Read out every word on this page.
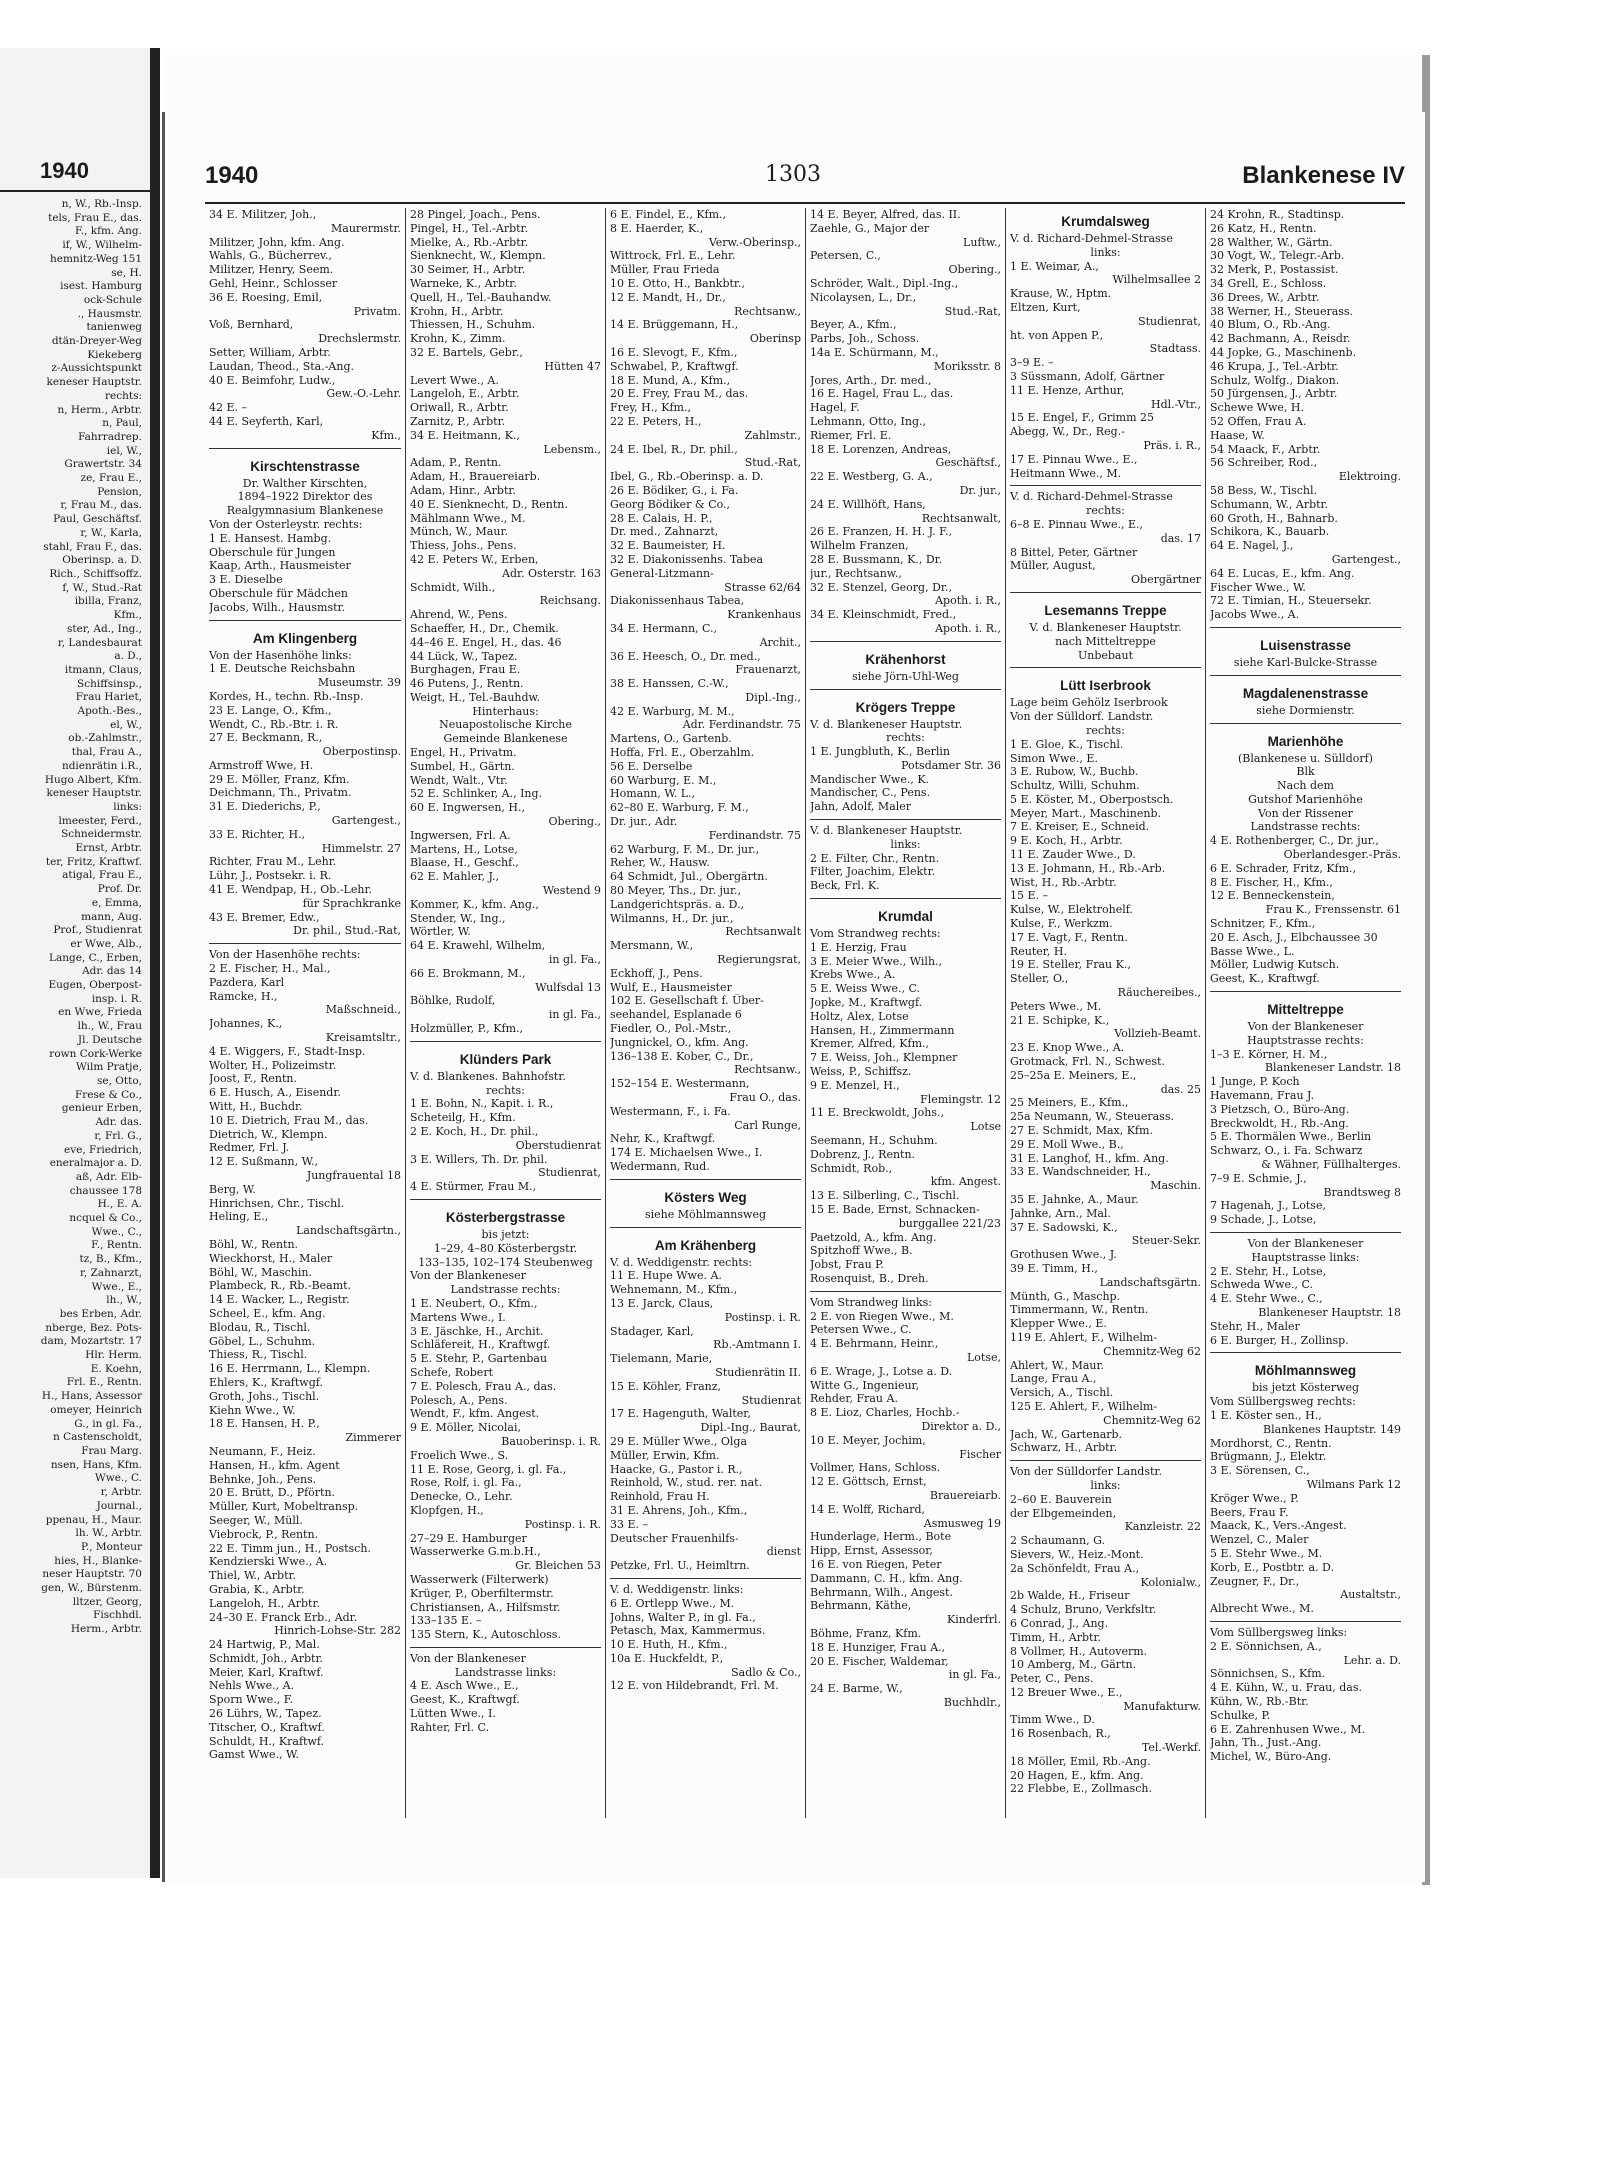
1940
n, W., Rb.-Insp.
tels, Frau E., das.
F., kfm. Ang.
if, W., Wilhelm-
hemnitz-Weg 151
se, H.
isest. Hamburg
ock-Schule
., Hausmstr.
tanienweg
dtän-Dreyer-Weg
Kiekeberg
z-Aussichtspunkt
keneser Hauptstr.
rechts:
n, Herm., Arbtr.
n, Paul,
Fahrradrep.
iel, W.,
Grawertstr. 34
ze, Frau E.,
Pension,
r, Frau M., das.
Paul, Geschäftsf.
r, W., Karla,
stahl, Frau F., das.
Oberinsp. a. D.
Rich., Schiffsoffz.
f, W., Stud.-Rat
ibilla, Franz,
Kfm.,
ster, Ad., Ing.,
r, Landesbaurat
a. D.,
itmann, Claus,
Schiffsinsp.,
Frau Hariet,
Apoth.-Bes.,
el, W.,
ob.-Zahlmstr.,
thal, Frau A.,
ndienrätin i.R.,
Hugo Albert, Kfm.
keneser Hauptstr.
links:
lmeester, Ferd.,
Schneidermstr.
Ernst, Arbtr.
ter, Fritz, Kraftwf.
atigal, Frau E.,
Prof. Dr.
e, Emma,
mann, Aug.
Prof., Studienrat
er Wwe, Alb.,
Lange, C., Erben,
Adr. das 14
Eugen, Oberpost-
insp. i. R.
en Wwe, Frieda
lh., W., Frau
Jl. Deutsche
rown Cork-Werke
Wilm Pratje,
se, Otto,
Frese & Co.,
genieur Erben,
Adr. das.
r, Frl. G.,
eve, Friedrich,
eneralmajor a. D.
aß, Adr. Elb-
chaussee 178
H., E. A.
ncquel & Co.,
Wwe., C.,
F., Rentn.
tz, B., Kfm.,
r, Zahnarzt,
Wwe., E.,
lh., W.,
bes Erben, Adr.
nberge, Bez. Pots-
dam, Mozartstr. 17
Hlr. Herm.
E. Koehn,
Frl. E., Rentn.
H., Hans, Assessor
omeyer, Heinrich
G., in gl. Fa.,
n Castenscholdt,
Frau Marg.
nsen, Hans, Kfm.
Wwe., C.
r, Arbtr.
Journal.,
ppenau, H., Maur.
lh. W., Arbtr.
P., Monteur
hies, H., Blanke-
neser Hauptstr. 70
gen, W., Bürstenm.
lltzer, Georg,
Fischhdl.
Herm., Arbtr.
1940	1303	Blankenese IV
34 E. Militzer, Joh.,
Maurermstr.
Militzer, John, kfm. Ang.
Wahls, G., Bücherrev.,
Militzer, Henry, Seem.
Gehl, Heinr., Schlosser
36 E. Roesing, Emil,
Privatm.
Voß, Bernhard,
Drechslermstr.
Setter, William, Arbtr.
Laudan, Theod., Sta.-Ang.
40 E. Beimfohr, Ludw.,
Gew.-O.-Lehr.
42 E. –
44 E. Seyferth, Karl,
Kfm.,
Kirschtenstrasse
Dr. Walther Kirschten,
1894–1922 Direktor des
Realgymnasium Blankenese
Von der Osterleystr. rechts:
1 E. Hansest. Hambg.
Oberschule für Jungen
Kaap, Arth., Hausmeister
3 E. Dieselbe
Oberschule für Mädchen
Jacobs, Wilh., Hausmstr.
Am Klingenberg
Von der Hasenhöhe links:
1 E. Deutsche Reichsbahn
Museumstr. 39
Kordes, H., techn. Rb.-Insp.
23 E. Lange, O., Kfm.,
Wendt, C., Rb.-Btr. i. R.
27 E. Beckmann, R.,
Oberpostinsp.
Armstroff Wwe, H.
29 E. Möller, Franz, Kfm.
Deichmann, Th., Privatm.
31 E. Diederichs, P.,
Gartengest.,
33 E. Richter, H.,
Himmelstr. 27
Richter, Frau M., Lehr.
Lühr, J., Postsekr. i. R.
41 E. Wendpap, H., Ob.-Lehr.
für Sprachkranke
43 E. Bremer, Edw.,
Dr. phil., Stud.-Rat,
Von der Hasenhöhe rechts:
2 E. Fischer, H., Mal.,
Pazdera, Karl
Ramcke, H.,
Maßschneid.,
Johannes, K.,
Kreisamtsltr.,
4 E. Wiggers, F., Stadt-Insp.
Wolter, H., Polizeimstr.
Joost, F., Rentn.
6 E. Husch, A., Eisendr.
Witt, H., Buchdr.
10 E. Dietrich, Frau M., das.
Dietrich, W., Klempn.
Redmer, Frl. J.
12 E. Sußmann, W.,
Jungfrauental 18
Berg, W.
Hinrichsen, Chr., Tischl.
Heling, E.,
Landschaftsgärtn.,
Böhl, W., Rentn.
Wieckhorst, H., Maler
Böhl, W., Maschin.
Plambeck, R., Rb.-Beamt.
14 E. Wacker, L., Registr.
Scheel, E., kfm. Ang.
Blodau, R., Tischl.
Göbel, L., Schuhm.
Thiess, R., Tischl.
16 E. Herrmann, L., Klempn.
Ehlers, K., Kraftwgf.
Groth, Johs., Tischl.
Kiehn Wwe., W.
18 E. Hansen, H. P.,
Zimmerer
Neumann, F., Heiz.
Hansen, H., kfm. Agent
Behnke, Joh., Pens.
20 E. Brütt, D., Pförtn.
Müller, Kurt, Mobeltransp.
Seeger, W., Müll.
Viebrock, P., Rentn.
22 E. Timm jun., H., Postsch.
Kendzierski Wwe., A.
Thiel, W., Arbtr.
Grabia, K., Arbtr.
Langeloh, H., Arbtr.
24–30 E. Franck Erb., Adr.
Hinrich-Lohse-Str. 282
24 Hartwig, P., Mal.
Schmidt, Joh., Arbtr.
Meier, Karl, Kraftwf.
Nehls Wwe., A.
Sporn Wwe., F.
26 Lührs, W., Tapez.
Titscher, O., Kraftwf.
Schuldt, H., Kraftwf.
Gamst Wwe., W.
28 Pingel, Joach., Pens.
Pingel, H., Tel.-Arbtr.
Mielke, A., Rb.-Arbtr.
Sienknecht, W., Klempn.
30 Seimer, H., Arbtr.
Warneke, K., Arbtr.
Quell, H., Tel.-Bauhandw.
Krohn, H., Arbtr.
Thiessen, H., Schuhm.
Krohn, K., Zimm.
32 E. Bartels, Gebr.,
Hütten 47
Levert Wwe., A.
Langeloh, E., Arbtr.
Oriwall, R., Arbtr.
Zarnitz, P., Arbtr.
34 E. Heitmann, K.,
Lebensm.,
Adam, P., Rentn.
Adam, H., Brauereiarb.
Adam, Hinr., Arbtr.
40 E. Sienknecht, D., Rentn.
Mählmann Wwe., M.
Münch, W., Maur.
Thiess, Johs., Pens.
42 E. Peters W., Erben,
Adr. Osterstr. 163
Schmidt, Wilh.,
Reichsang.
Ahrend, W., Pens.
Schaeffer, H., Dr., Chemik.
44–46 E. Engel, H., das. 46
44 Lück, W., Tapez.
Burghagen, Frau E.
46 Putens, J., Rentn.
Weigt, H., Tel.-Bauhdw.
Hinterhaus:
Neuapostolische Kirche
Gemeinde Blankenese
Engel, H., Privatm.
Sumbel, H., Gärtn.
Wendt, Walt., Vtr.
52 E. Schlinker, A., Ing.
60 E. Ingwersen, H.,
Obering.,
Ingwersen, Frl. A.
Martens, H., Lotse,
Blaase, H., Geschf.,
62 E. Mahler, J.,
Westend 9
Kommer, K., kfm. Ang.,
Stender, W., Ing.,
Wörtler, W.
64 E. Krawehl, Wilhelm,
in gl. Fa.,
66 E. Brokmann, M.,
Wulfsdal 13
Böhlke, Rudolf,
in gl. Fa.,
Holzmüller, P., Kfm.,
Klünders Park
V. d. Blankenes. Bahnhofstr.
rechts:
1 E. Bohn, N., Kapit. i. R.,
Scheteilg, H., Kfm.
2 E. Koch, H., Dr. phil.,
Oberstudienrat
3 E. Willers, Th. Dr. phil.
Studienrat,
4 E. Stürmer, Frau M.,
Kösterbergstrasse
bis jetzt:
1–29, 4–80 Kösterbergstr.
133–135, 102–174 Steubenweg
Von der Blankeneser
Landstrasse rechts:
1 E. Neubert, O., Kfm.,
Martens Wwe., I.
3 E. Jäschke, H., Archit.
Schläfereit, H., Kraftwgf.
5 E. Stehr, P., Gartenbau
Schefe, Robert
7 E. Polesch, Frau A., das.
Polesch, A., Pens.
Wendt, F., kfm. Angest.
9 E. Möller, Nicolai,
Bauoberinsp. i. R.
Froelich Wwe., S.
11 E. Rose, Georg, i. gl. Fa.,
Rose, Rolf, i. gl. Fa.,
Denecke, O., Lehr.
Klopfgen, H.,
Postinsp. i. R.
27–29 E. Hamburger
Wasserwerke G.m.b.H.,
Gr. Bleichen 53
Wasserwerk (Filterwerk)
Krüger, P., Oberfiltermstr.
Christiansen, A., Hilfsmstr.
133–135 E. –
135 Stern, K., Autoschloss.
Von der Blankeneser
Landstrasse links:
4 E. Asch Wwe., E.,
Geest, K., Kraftwgf.
Lütten Wwe., I.
Rahter, Frl. C.
6 E. Findel, E., Kfm.,
8 E. Haerder, K.,
Verw.-Oberinsp.,
Wittrock, Frl. E., Lehr.
Müller, Frau Frieda
10 E. Otto, H., Bankbtr.,
12 E. Mandt, H., Dr.,
Rechtsanw.,
14 E. Brüggemann, H.,
Oberinsp
16 E. Slevogt, F., Kfm.,
Schwabel, P., Kraftwgf.
18 E. Mund, A., Kfm.,
20 E. Frey, Frau M., das.
Frey, H., Kfm.,
22 E. Peters, H.,
Zahlmstr.,
24 E. Ibel, R., Dr. phil.,
Stud.-Rat,
Ibel, G., Rb.-Oberinsp. a. D.
26 E. Bödiker, G., i. Fa.
Georg Bödiker & Co.,
28 E. Calais, H. P.,
Dr. med., Zahnarzt,
32 E. Baumeister, H.
32 E. Diakonissenhs. Tabea
General-Litzmann-
Strasse 62/64
Diakonissenhaus Tabea,
Krankenhaus
34 E. Hermann, C.,
Archit.,
36 E. Heesch, O., Dr. med.,
Frauenarzt,
38 E. Hanssen, C.-W.,
Dipl.-Ing.,
42 E. Warburg, M. M.,
Adr. Ferdinandstr. 75
Martens, O., Gartenb.
Hoffa, Frl. E., Oberzahlm.
56 E. Derselbe
60 Warburg, E. M.,
Homann, W. L.,
62–80 E. Warburg, F. M.,
Dr. jur., Adr.
Ferdinandstr. 75
62 Warburg, F. M., Dr. jur.,
Reher, W., Hausw.
64 Schmidt, Jul., Obergärtn.
80 Meyer, Ths., Dr. jur.,
Landgerichtspräs. a. D.,
Wilmanns, H., Dr. jur.,
Rechtsanwalt
Mersmann, W.,
Regierungsrat,
Eckhoff, J., Pens.
Wulf, E., Hausmeister
102 E. Gesellschaft f. Über-
seehandel, Esplanade 6
Fiedler, O., Pol.-Mstr.,
Jungnickel, O., kfm. Ang.
136–138 E. Kober, C., Dr.,
Rechtsanw.,
152–154 E. Westermann,
Frau O., das.
Westermann, F., i. Fa.
Carl Runge,
Nehr, K., Kraftwgf.
174 E. Michaelsen Wwe., I.
Wedermann, Rud.
Kösters Weg
siehe Möhlmannsweg
Am Krähenberg
V. d. Weddigenstr. rechts:
11 E. Hupe Wwe. A.
Wehnemann, M., Kfm.,
13 E. Jarck, Claus,
Postinsp. i. R.
Stadager, Karl,
Rb.-Amtmann I.
Tielemann, Marie,
Studienrätin II.
15 E. Köhler, Franz,
Studienrat
17 E. Hagenguth, Walter,
Dipl.-Ing., Baurat,
29 E. Müller Wwe., Olga
Müller, Erwin, Kfm.
Haacke, G., Pastor i. R.,
Reinhold, W., stud. rer. nat.
Reinhold, Frau H.
31 E. Ahrens, Joh., Kfm.,
33 E. –
Deutscher Frauenhilfs-
dienst
Petzke, Frl. U., Heimltrn.
V. d. Weddigenstr. links:
6 E. Ortlepp Wwe., M.
Johns, Walter P., in gl. Fa.,
Petasch, Max, Kammermus.
10 E. Huth, H., Kfm.,
10a E. Huckfeldt, P.,
Sadlo & Co.,
12 E. von Hildebrandt, Frl. M.
14 E. Beyer, Alfred, das. II.
Zaehle, G., Major der
Luftw.,
Petersen, C.,
Obering.,
Schröder, Walt., Dipl.-Ing.,
Nicolaysen, L., Dr.,
Stud.-Rat,
Beyer, A., Kfm.,
Parbs, Joh., Schoss.
14a E. Schürmann, M.,
Moriksstr. 8
Jores, Arth., Dr. med.,
16 E. Hagel, Frau L., das.
Hagel, F.
Lehmann, Otto, Ing.,
Riemer, Frl. E.
18 E. Lorenzen, Andreas,
Geschäftsf.,
22 E. Westberg, G. A.,
Dr. jur.,
24 E. Willhöft, Hans,
Rechtsanwalt,
26 E. Franzen, H. H. J. F.,
Wilhelm Franzen,
28 E. Bussmann, K., Dr.
jur., Rechtsanw.,
32 E. Stenzel, Georg, Dr.,
Apoth. i. R.,
34 E. Kleinschmidt, Fred.,
Apoth. i. R.,
Krähenhorst
siehe Jörn-Uhl-Weg
Krögers Treppe
V. d. Blankeneser Hauptstr.
rechts:
1 E. Jungbluth, K., Berlin
Potsdamer Str. 36
Mandischer Wwe., K.
Mandischer, C., Pens.
Jahn, Adolf, Maler
V. d. Blankeneser Hauptstr.
links:
2 E. Filter, Chr., Rentn.
Filter, Joachim, Elektr.
Beck, Frl. K.
Krumdal
Vom Strandweg rechts:
1 E. Herzig, Frau
3 E. Meier Wwe., Wilh.,
Krebs Wwe., A.
5 E. Weiss Wwe., C.
Jopke, M., Kraftwgf.
Holtz, Alex, Lotse
Hansen, H., Zimmermann
Kremer, Alfred, Kfm.,
7 E. Weiss, Joh., Klempner
Weiss, P., Schiffsz.
9 E. Menzel, H.,
Flemingstr. 12
11 E. Breckwoldt, Johs.,
Lotse
Seemann, H., Schuhm.
Dobrenz, J., Rentn.
Schmidt, Rob.,
kfm. Angest.
13 E. Silberling, C., Tischl.
15 E. Bade, Ernst, Schnacken-
burggallee 221/23
Paetzold, A., kfm. Ang.
Spitzhoff Wwe., B.
Jobst, Frau P.
Rosenquist, B., Dreh.
Vom Strandweg links:
2 E. von Riegen Wwe., M.
Petersen Wwe., C.
4 E. Behrmann, Heinr.,
Lotse,
6 E. Wrage, J., Lotse a. D.
Witte G., Ingenieur,
Rehder, Frau A.
8 E. Lioz, Charles, Hochb.-
Direktor a. D.,
10 E. Meyer, Jochim,
Fischer
Vollmer, Hans, Schloss.
12 E. Göttsch, Ernst,
Brauereiarb.
14 E. Wolff, Richard,
Asmusweg 19
Hunderlage, Herm., Bote
Hipp, Ernst, Assessor,
16 E. von Riegen, Peter
Dammann, C. H., kfm. Ang.
Behrmann, Wilh., Angest.
Behrmann, Käthe,
Kinderfrl.
Böhme, Franz, Kfm.
18 E. Hunziger, Frau A.,
20 E. Fischer, Waldemar,
in gl. Fa.,
24 E. Barme, W.,
Buchhdlr.,
Krumdalsweg
V. d. Richard-Dehmel-Strasse
links:
1 E. Weimar, A.,
Wilhelmsallee 2
Krause, W., Hptm.
Eltzen, Kurt,
Studienrat,
ht. von Appen P.,
Stadtass.
3–9 E. –
3 Süssmann, Adolf, Gärtner
11 E. Henze, Arthur,
Hdl.-Vtr.,
15 E. Engel, F., Grimm 25
Abegg, W., Dr., Reg.-
Präs. i. R.,
17 E. Pinnau Wwe., E.,
Heitmann Wwe., M.
V. d. Richard-Dehmel-Strasse
rechts:
6–8 E. Pinnau Wwe., E.,
das. 17
8 Bittel, Peter, Gärtner
Müller, August,
Obergärtner
Lesemanns Treppe
V. d. Blankeneser Hauptstr.
nach Mitteltreppe
Unbebaut
Lütt Iserbrook
Lage beim Gehölz Iserbrook
Von der Sülldorf. Landstr.
rechts:
1 E. Gloe, K., Tischl.
Simon Wwe., E.
3 E. Rubow, W., Buchb.
Schultz, Willi, Schuhm.
5 E. Köster, M., Oberpostsch.
Meyer, Mart., Maschinenb.
7 E. Kreiser, E., Schneid.
9 E. Koch, H., Arbtr.
11 E. Zauder Wwe., D.
13 E. Johmann, H., Rb.-Arb.
Wist, H., Rb.-Arbtr.
15 E. –
Kulse, W., Elektrohelf.
Kulse, F., Werkzm.
17 E. Vagt, F., Rentn.
Reuter, H.
19 E. Steller, Frau K.,
Steller, O.,
Räuchereibes.,
Peters Wwe., M.
21 E. Schipke, K.,
Vollzieh-Beamt.
23 E. Knop Wwe., A.
Grotmack, Frl. N., Schwest.
25–25a E. Meiners, E.,
das. 25
25 Meiners, E., Kfm.,
25a Neumann, W., Steuerass.
27 E. Schmidt, Max, Kfm.
29 E. Moll Wwe., B.,
31 E. Langhof, H., kfm. Ang.
33 E. Wandschneider, H.,
Maschin.
35 E. Jahnke, A., Maur.
Jahnke, Arn., Mal.
37 E. Sadowski, K.,
Steuer-Sekr.
Grothusen Wwe., J.
39 E. Timm, H.,
Landschaftsgärtn.
Münth, G., Maschp.
Timmermann, W., Rentn.
Klepper Wwe., E.
119 E. Ahlert, F., Wilhelm-
Chemnitz-Weg 62
Ahlert, W., Maur.
Lange, Frau A.,
Versich, A., Tischl.
125 E. Ahlert, F., Wilhelm-
Chemnitz-Weg 62
Jach, W., Gartenarb.
Schwarz, H., Arbtr.
Von der Sülldorfer Landstr.
links:
2–60 E. Bauverein
der Elbgemeinden,
Kanzleistr. 22
2 Schaumann, G.
Sievers, W., Heiz.-Mont.
2a Schönfeldt, Frau A.,
Kolonialw.,
2b Walde, H., Friseur
4 Schulz, Bruno, Verkfsltr.
6 Conrad, J., Ang.
Timm, H., Arbtr.
8 Vollmer, H., Autoverm.
10 Amberg, M., Gärtn.
Peter, C., Pens.
12 Breuer Wwe., E.,
Manufakturw.
Timm Wwe., D.
16 Rosenbach, R.,
Tel.-Werkf.
18 Möller, Emil, Rb.-Ang.
20 Hagen, E., kfm. Ang.
22 Flebbe, E., Zollmasch.
24 Krohn, R., Stadtinsp.
26 Katz, H., Rentn.
28 Walther, W., Gärtn.
30 Vogt, W., Telegr.-Arb.
32 Merk, P., Postassist.
34 Grell, E., Schloss.
36 Drees, W., Arbtr.
38 Werner, H., Steuerass.
40 Blum, O., Rb.-Ang.
42 Bachmann, A., Reisdr.
44 Jopke, G., Maschinenb.
46 Krupa, J., Tel.-Arbtr.
Schulz, Wolfg., Diakon.
50 Jürgensen, J., Arbtr.
Schewe Wwe, H.
52 Offen, Frau A.
Haase, W.
54 Maack, F., Arbtr.
56 Schreiber, Rod.,
Elektroing.
58 Bess, W., Tischl.
Schumann, W., Arbtr.
60 Groth, H., Bahnarb.
Schikora, K., Bauarb.
64 E. Nagel, J.,
Gartengest.,
64 E. Lucas, E., kfm. Ang.
Fischer Wwe., W.
72 E. Timian, H., Steuersekr.
Jacobs Wwe., A.
Luisenstrasse
siehe Karl-Bulcke-Strasse
Magdalenenstrasse
siehe Dormienstr.
Marienhöhe
(Blankenese u. Sülldorf)
Blk
Nach dem
Gutshof Marienhöhe
Von der Rissener
Landstrasse rechts:
4 E. Rothenberger, C., Dr. jur.,
Oberlandesger.-Präs.
6 E. Schrader, Fritz, Kfm.,
8 E. Fischer, H., Kfm.,
12 E. Benneckenstein,
Frau K., Frenssenstr. 61
Schnitzer, F., Kfm.,
20 E. Asch, J., Elbchaussee 30
Basse Wwe., L.
Möller, Ludwig Kutsch.
Geest, K., Kraftwgf.
Mitteltreppe
Von der Blankeneser
Hauptstrasse rechts:
1–3 E. Körner, H. M.,
Blankeneser Landstr. 18
1 Junge, P. Koch
Havemann, Frau J.
3 Pietzsch, O., Büro-Ang.
Breckwoldt, H., Rb.-Ang.
5 E. Thormälen Wwe., Berlin
Schwarz, O., i. Fa. Schwarz
& Wähner, Füllhalterges.
7–9 E. Schmie, J.,
Brandtsweg 8
7 Hagenah, J., Lotse,
9 Schade, J., Lotse,
Von der Blankeneser
Hauptstrasse links:
2 E. Stehr, H., Lotse,
Schweda Wwe., C.
4 E. Stehr Wwe., C.,
Blankeneser Hauptstr. 18
Stehr, H., Maler
6 E. Burger, H., Zollinsp.
Möhlmannsweg
bis jetzt Kösterweg
Vom Süllbergsweg rechts:
1 E. Köster sen., H.,
Blankenes Hauptstr. 149
Mordhorst, C., Rentn.
Brügmann, J., Elektr.
3 E. Sörensen, C.,
Wilmans Park 12
Kröger Wwe., P.
Beers, Frau F.
Maack, K., Vers.-Angest.
Wenzel, C., Maler
5 E. Stehr Wwe., M.
Korb, E., Postbtr. a. D.
Zeugner, F., Dr.,
Austaltstr.,
Albrecht Wwe., M.
Vom Süllbergsweg links:
2 E. Sönnichsen, A.,
Lehr. a. D.
Sönnichsen, S., Kfm.
4 E. Kühn, W., u. Frau, das.
Kühn, W., Rb.-Btr.
Schulke, P.
6 E. Zahrenhusen Wwe., M.
Jahn, Th., Just.-Ang.
Michel, W., Büro-Ang.
